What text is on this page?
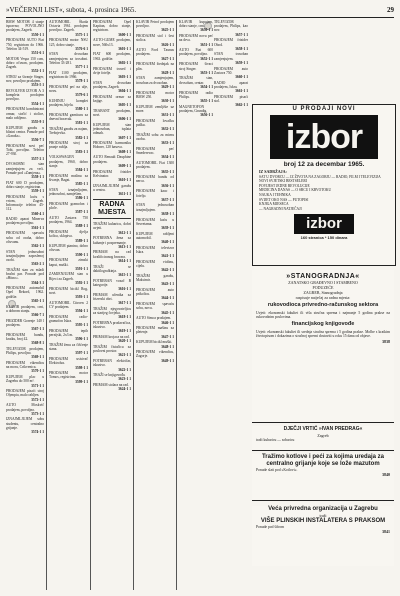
»VEČERNJI LIST«, subota, 4. prosinca 1965.	29
BMW MOTOR 4 stanje ispravno; POVOLJNO prodajem, Zagreb.
3550-1 1
PRODAJEM AUTO Fiat 750, registriran do 1966. Telefon 34-519.
3551-6 1
MOTOR Vespa 150 ccm, dobro očuvan, prodajem. Zagreb.
3552-1 1
STROJ za šivanje Singer, nov, povoljno prodajem.
3553-5 1
REVOLVER IZVOR A 3 kompleta prodajem povoljno.
3554-1 1
PRODAJEM kombinirani ormar, stočić i stolice, malo rabljeno.
3555-9 1
KUPUJEM garažu u blizini centra. Ponude pod »Garaža«.
3556-7 1
PRODAJEM novi peć Tobi, povoljno. Telefon 27-930.
3557-2 1
DVOSOBNI stan zamjenjujem za veći. Ponude pod »Zamjena«.
3558-1 1
FIAT 600 D prodajem, dobro stanje, registriran.
3559-1 1
PRODAJEM kuću s vrtom, Zagreb. Informacije telefon 45-112.
3560-4 1
RADIO aparat Minerva prodajem povoljno.
3561-1 1
PRODAJEM spavaću sobu od oraha, dobro očuvanu.
3562-1 1
STAN jednosobni iznajmljujem zaposlenoj osobi.
3563-2 1
TRAŽIM stan za mladi bračni par. Ponude pod »Hitno«.
3564-3 1
PRODAJEM automobil Opel Rekord, 1962. godište.
3565-1 1
KLAVIR prodajem, crni, u dobrom stanju.
3566-7 1
FRIZIDER Gorenje 140 l prodajem.
3567-1 1
PRODAJEM bundu, kratku, broj 42.
3568-8 1
TELEVIZOR prodajem, Philips, povoljno.
3569-1 1
PRODAJEM vikendicu na moru, Crikvenica.
3570-1 1
KUPUJEM plac u Zagrebu do 500 m².
3571-1 1
PRODAJEM pisaći stroj Olympia, malo rabljen.
3572-1 1
AUTO Moskvič prodajem, povoljno.
3573-1 1
IZNAJMLJUJEM sobu studentu, centralno grijanje.
3574-1 1
AUTOMOBIL Škoda Octavia 1961. prodajem povoljno. Zagreb.
3575-1 1
PRODAJEM motor NSU 125, dobro stanje.
3576-6 1
STAN dvosoban zamjenjujem za trosobni. Telefon 33-281.
3577-1 1
FIAT 1100 prodajem, registriran do 1966.
3578-1 1
PRODAJEM peć na ulje, novu.
3579-6 1
KUHINJU komplet prodajem, bijelu.
3580-1 1
PRODAJEM garnituru za dnevni boravak.
3581-1 1
TRAŽIM garažu za najam, Trešnjevka.
3582-1 1
PRODAJEM stroj za pranje rublja.
3583-1 1
VOLKSWAGEN prodajem, 1960, dobro stanje.
3584-1 1
PRODAJEM mašinu za šivanje, Bagat.
3585-1 1
STAN iznajmljujem, jednosobni, namješten.
3586-1 1
PRODAJEM gramofon i ploče.
3587-1 1
AUTO Zastava 750 prodajem, 1964.
3588-1 1
PRODAJEM dječja kolica, sklopiva.
3589-1 1
KUPUJEM pianino, dobro očuvan.
3590-1 1
PRODAJEM zimski kaput, muški.
3591-1 1
ZAMJENJUJEM stan u Rijeci za Zagreb.
3592-1 1
PRODAJEM bicikl Rog, novi.
3593-1 1
AUTOMOBIL Citroen 2 CV prodajem.
3594-1 1
PRODAJEM radio-gramofon Iskra.
3595-1 1
PRODAJEM tepih perzijski, 2x3 m.
3596-1 1
TRAŽIM ženu za čišćenje stana.
3597-1 1
PRODAJEM usisivač Elektrolux.
3598-1 1
PRODAJEM motor Tomos, registriran.
3599-1 1
PRODAJEM Opel Kapitan, dobro stanje, registriran.
3600-1 1
AUTO-GUME prodajem, nove, 560x13.
3601-1 1
FIAT 600 prodajem, 1963. godište.
3602-1 1
PRODAJEM trosed i dvije fotelje.
3603-1 1
STAN dvosoban prodajem, Zagreb.
3604-1 1
PRODAJEM ormar za knjige.
3605-1 1
TRABANT prodajem, novi.
3606-1 1
KUPUJEM stan jednosoban, isplata odmah.
3607-1 1
PRODAJEM harmoniku Hohner, 120 basova.
3608-1 1
AUTO Renault Dauphine prodajem.
3609-1 1
PRODAJEM frizider Kelvinator.
3610-1 1
IZNAJMLJUJEM garažu u centru.
3611-1 1
RADNA MJESTA
TRAŽIM kuharicu, dobri uvjeti.
3612-1 1
POTREBNA žena za kuhanje i pospremanje.
3613-1 1
PRIMAM na rad kvalificiranog bravara.
3614-1 1
TRAŽI se daktilografkinja.
3615-1 1
POTREBAN vozač B kategorije.
3616-1 1
PRIMAM učenika za frizerski obrt.
3617-1 1
TRAŽIM njegovateljicu za starijeg čovjeka.
3618-1 1
POTREBNA prodavačica, iskustvo.
3619-1 1
PRIMAM krojaca na rad.
3620-1 1
TRAŽIM čistačicu za poslovni prostor.
3621-1 1
POTREBAN električar, iskustvo.
3622-1 1
TRAŽI se knjigovođa.
3623-1 1
PRIMAM stolara na rad.
3624-1 1
KLAVIR Petrof prodajem povoljno.
3625-1 1
PRODAJEM stol i šest stolica.
3626-1 1
AUTO Ford Taunus prodajem.
3627-1 1
PRODAJEM štednjak na plin.
3628-1 1
STAN zamjenjujem, trosoban za dvosoban.
3629-1 1
PRODAJEM motor BMW 250.
3630-1 1
KUPUJEM zemljište uz more.
3631-1 1
PRODAJEM lovačku pušku.
3632-1 1
TRAŽIM sobu za mirnu osobu.
3633-1 1
PRODAJEM peć Smederevac.
3634-1 1
AUTOMOBIL Fiat 1300 prodajem.
3635-1 1
PRODAJEM bundu od nerca.
3636-1 1
PRODAJEM kauc i foteljo.
3637-1 1
STAN jednosoban iznajmljujem.
3638-1 1
PRODAJEM kuću u Sesvetama.
3639-1 1
KUPUJEM rabljeni automobil.
3640-1 1
PRODAJEM televizor Iskra.
3641-1 1
PRODAJEM violinu, cijelu.
3642-1 1
TRAŽIM garažu, Maksimir.
3643-1 1
PRODAJEM auto prikolicu.
3644-1 1
PRODAJEM spavaću sobu, novu.
3645-1 1
AUTO Simca prodajem.
3646-1 1
PRODAJEM mašinu za pletenje.
3647-1 1
KUPUJEM bicikl muški.
3648-1 1
PRODAJEM vikendicu, Zagorje.
3649-1 1
KLAVIR kupujem, dobro stanje, crni.
3650-1 1
PRODAJEM novu peć na drva.
3651-1 1
AUTO Fiat 600 prodajem, povoljno.
3652-1 1
PRODAJEM šivaci stroj Singer.
3653-1 1
TRAŽIM stan, dvosoban, centar.
3654-1 1
PRODAJEM radio Philips.
3655-1 1
MAGNETOFON prodajem, Grundig.
3656-1 1
TELEVIZOR prodajem, Philips, kao nov.
3657-1 1
PRODAJEM frizider Obod.
3658-1 1
STAN trosoban zamjenjujem.
3659-1 1
PRODAJEM auto Zastava 750.
3660-1 1
RADIO aparat prodajem, Iskra.
3661-1 1
PRODAJEM pisaći stol.
3662-1 1
U PRODAJI NOVI
izbor
broj 12 za decembar 1965.
IZ SADRŽAJA:
SAT U DVORCU — IZ ŽIVOTA NA ZAGORJU — RADIO, FILM I TELEVIZIJA
NOVI SVJETSKI BESTSELERI
POVIJEST JEDNE REVOLUCIJE
MEDICINA DANAS — O SRCU I KRVOTOKU
NAUKA I TEHNIKA
SVIJET OKO NAS — PUTOPISI
KNJIGA MJESECA
— NAGRADNI NATJEČAJI
izbor
160 stranica * 150 dinara
»STANOGRADNJA«
ZANATSKO GRAĐEVNO I STAMBENO
PODUZEĆE
ZAGREB, Stanogradnja
raspisuje natječaj za radna mjesta:
rukovodioca privredno-računskog sektora
Uvjeti: ekonomski fakultet ili viša stručna sprema i najmanje 5 godina prakse na rukovodnim poslovima.
financijskog knjigovođe
Uvjeti: ekonomski fakultet ili srednja stručna sprema i 5 godina prakse. Molbe s kratkim životopisom i dokazima o stručnoj spremi dostaviti u roku 15 dana od objave.
3838
DJEČJI VRTIĆ »IVAN PREDRAG«
Zagreb
traži kuharicu — sobaricu
Tražimo kotlove i peći za kojima uredaja za centralno grijanje koje se lože mazutom
Ponude slati pod »Kotlovi«.
3840
Veća privredna organizacija u Zagrebu
traži
VIŠE PLINSKIH INSTALATERA S PRAKSOM
Ponude pod šifrom
3841
